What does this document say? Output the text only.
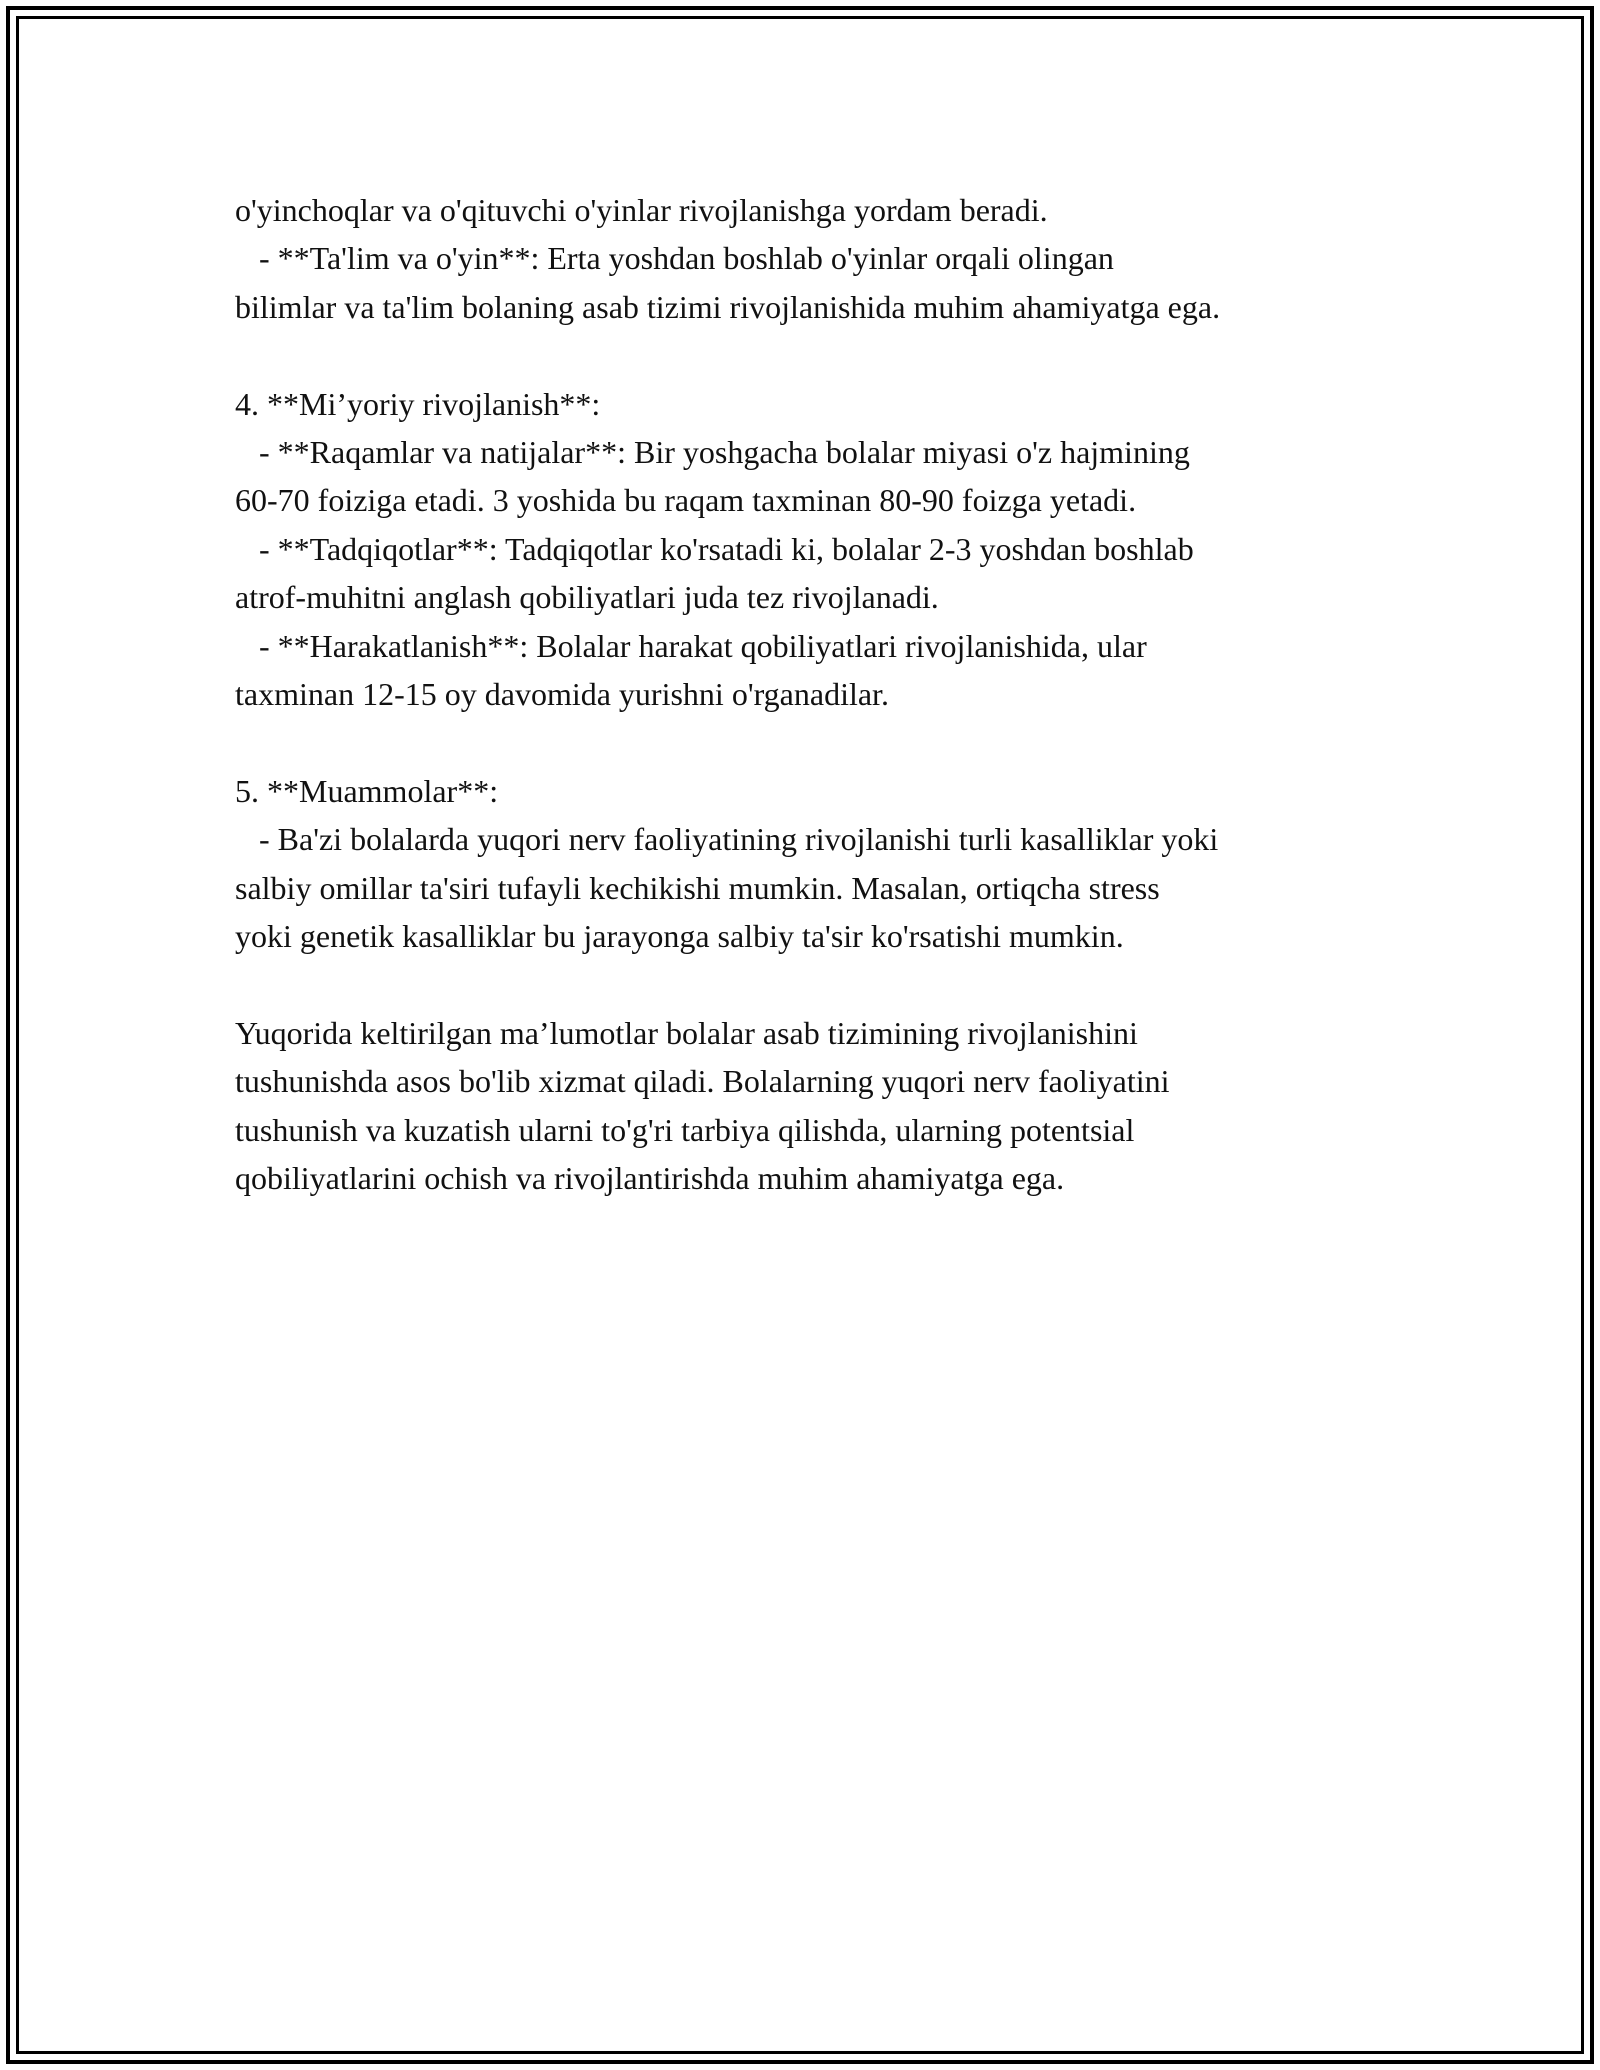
o'yinchoqlar va o'qituvchi o'yinlar rivojlanishga yordam beradi.
- **Ta'lim va o'yin**: Erta yoshdan boshlab o'yinlar orqali olingan
bilimlar va ta'lim bolaning asab tizimi rivojlanishida muhim ahamiyatga ega.
4. **Mi’yoriy rivojlanish**:
- **Raqamlar va natijalar**: Bir yoshgacha bolalar miyasi o'z hajmining
60-70 foiziga etadi. 3 yoshida bu raqam taxminan 80-90 foizga yetadi.
- **Tadqiqotlar**: Tadqiqotlar ko'rsatadi ki, bolalar 2-3 yoshdan boshlab
atrof-muhitni anglash qobiliyatlari juda tez rivojlanadi.
- **Harakatlanish**: Bolalar harakat qobiliyatlari rivojlanishida, ular
taxminan 12-15 oy davomida yurishni o'rganadilar.
5. **Muammolar**:
- Ba'zi bolalarda yuqori nerv faoliyatining rivojlanishi turli kasalliklar yoki
salbiy omillar ta'siri tufayli kechikishi mumkin. Masalan, ortiqcha stress
yoki genetik kasalliklar bu jarayonga salbiy ta'sir ko'rsatishi mumkin.
Yuqorida keltirilgan ma’lumotlar bolalar asab tizimining rivojlanishini
tushunishda asos bo'lib xizmat qiladi. Bolalarning yuqori nerv faoliyatini
tushunish va kuzatish ularni to'g'ri tarbiya qilishda, ularning potentsial
qobiliyatlarini ochish va rivojlantirishda muhim ahamiyatga ega.
